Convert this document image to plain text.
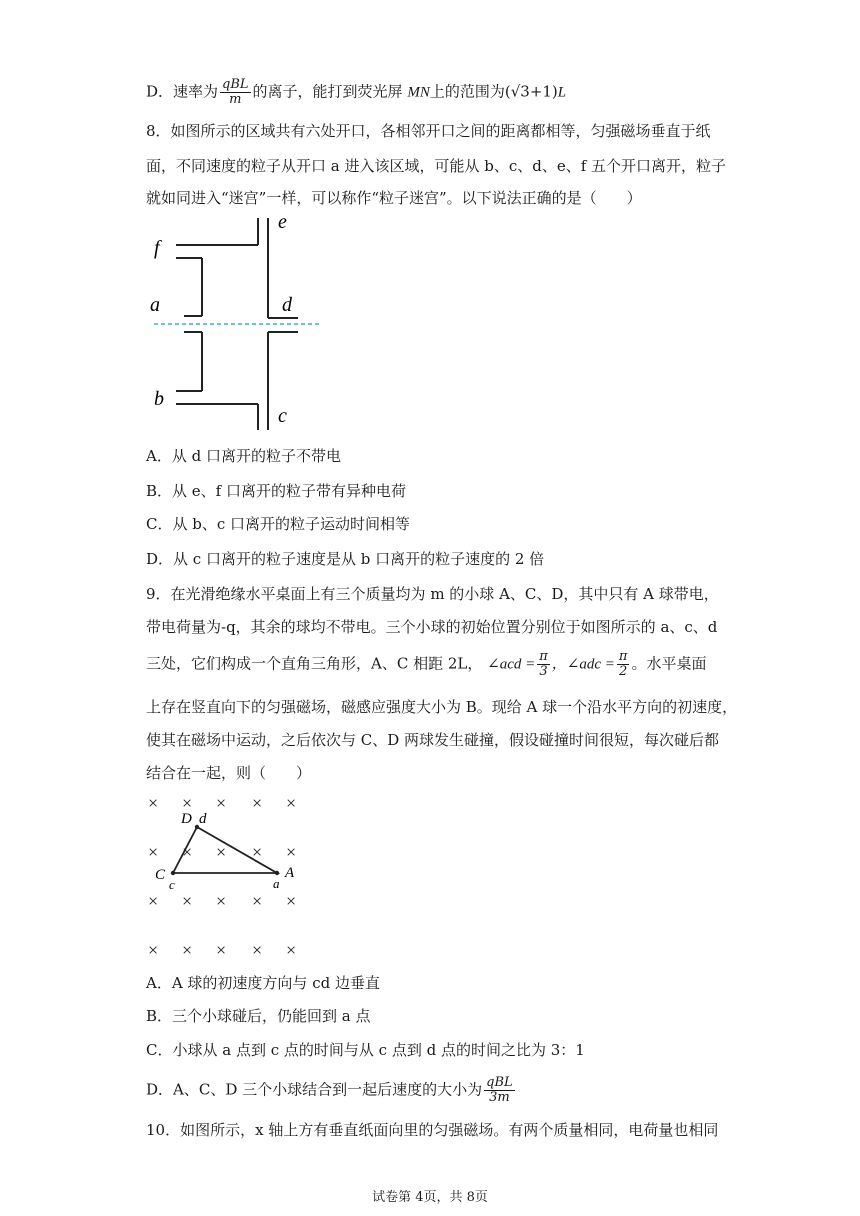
D．速率为 $\frac{\text{qBL}}{m}$ 的离子，能打到荧光屏 MN上的范围为(√3+1)L
8．如图所示的区域共有六处开口，各相邻开口之间的距离都相等，匀强磁场垂直于纸
面，不同速度的粒子从开口 a 进入该区域，可能从 b、c、d、e、f 五个开口离开，粒子
就如同进入“迷宫”一样，可以称作“粒子迷宫”。以下说法正确的是（　　）
e
f
a	d
b
c
A．从 d 口离开的粒子不带电
B．从 e、f 口离开的粒子带有异种电荷
C．从 b、c 口离开的粒子运动时间相等
D．从 c 口离开的粒子速度是从 b 口离开的粒子速度的 2 倍
9．在光滑绝缘水平桌面上有三个质量均为 m 的小球 A、C、D，其中只有 A 球带电，
带电荷量为-q，其余的球均不带电。三个小球的初始位置分别位于如图所示的 a、c、d
三处，它们构成一个直角三角形，A、C 相距 2L， ∠acd = $\frac{\pi}{3}$ ，∠adc = $\frac{\pi}{2}$ 。水平桌面
上存在竖直向下的匀强磁场，磁感应强度大小为 B。现给 A 球一个沿水平方向的初速度，
使其在磁场中运动，之后依次与 C、D 两球发生碰撞，假设碰撞时间很短，每次碰后都
结合在一起，则（　　）
× × × × ×
× × × × ×
× × × × ×
× × × × ×
D d
C
c	a
A
A．A 球的初速度方向与 cd 边垂直
B．三个小球碰后，仍能回到 a 点
C．小球从 a 点到 c 点的时间与从 c 点到 d 点的时间之比为 3：1
D．A、C、D 三个小球结合到一起后速度的大小为 $\frac{\text{qBL}}{3m}$
10．如图所示，x 轴上方有垂直纸面向里的匀强磁场。有两个质量相同，电荷量也相同
试卷第 4页，共 8页
